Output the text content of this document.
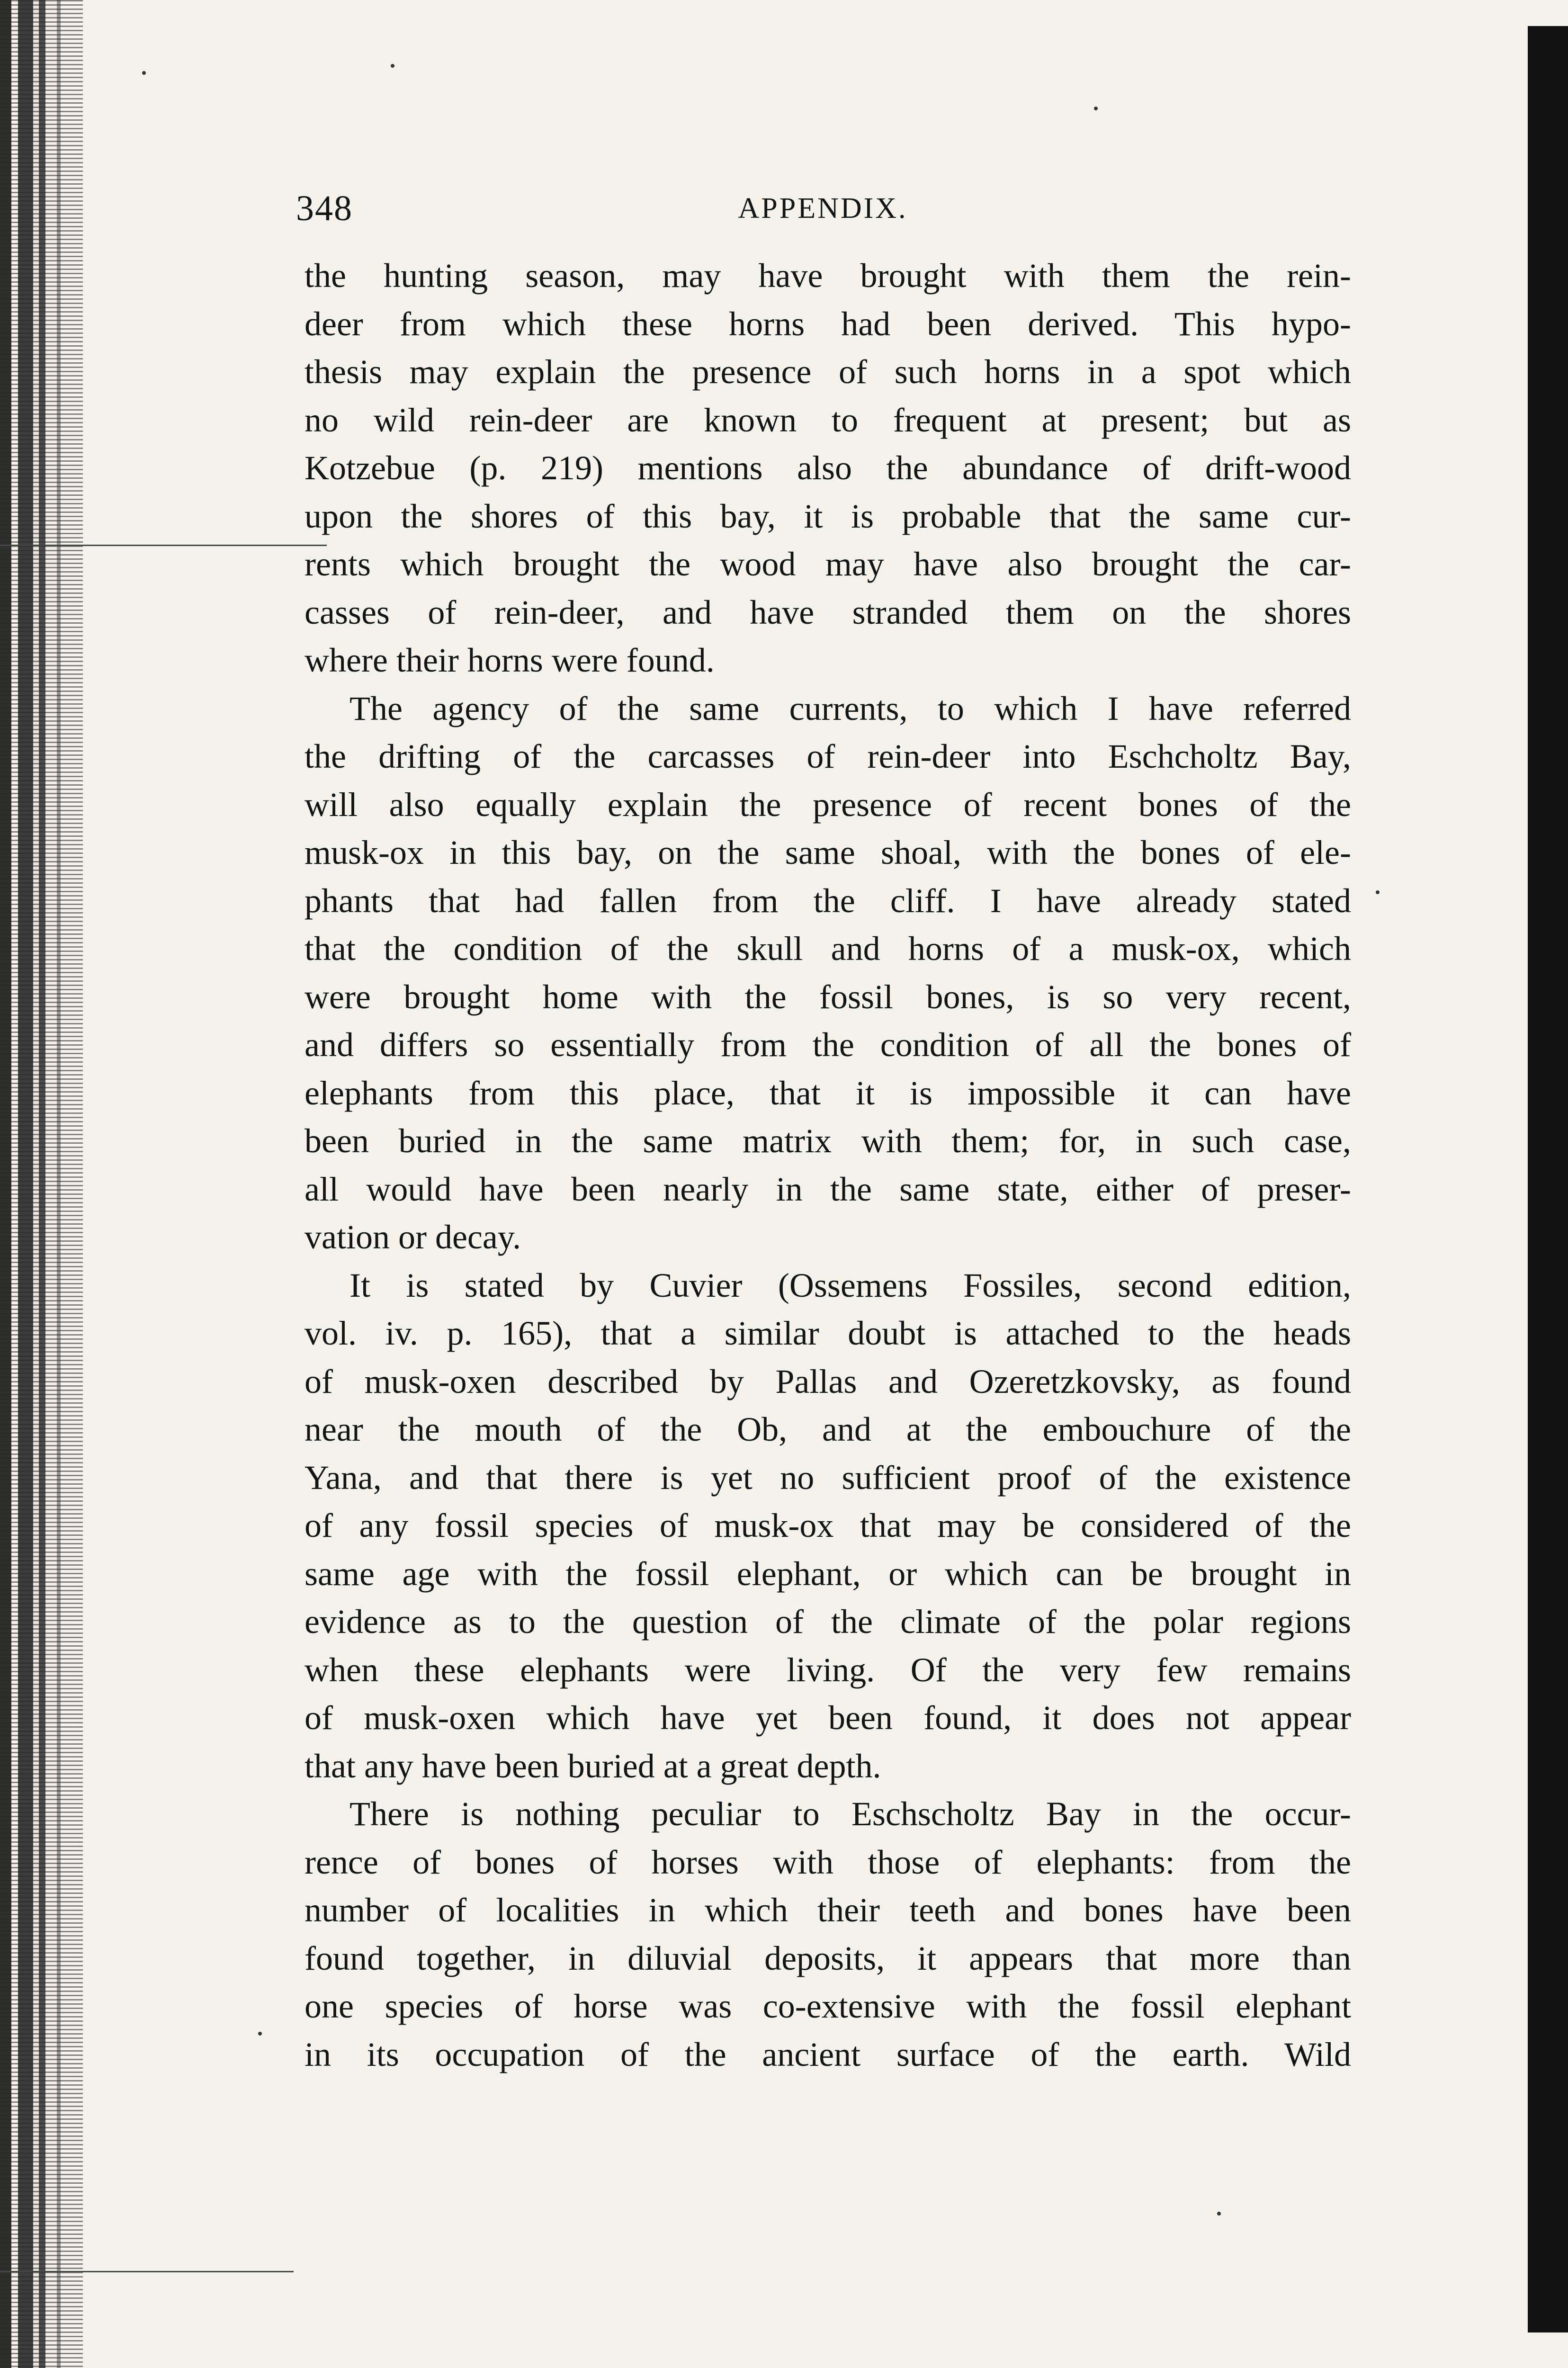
348	APPENDIX.
the hunting season, may have brought with them the rein-
deer from which these horns had been derived. This hypo-
thesis may explain the presence of such horns in a spot which
no wild rein-deer are known to frequent at present; but as
Kotzebue (p. 219) mentions also the abundance of drift-wood
upon the shores of this bay, it is probable that the same cur-
rents which brought the wood may have also brought the car-
casses of rein-deer, and have stranded them on the shores
where their horns were found.
The agency of the same currents, to which I have referred
the drifting of the carcasses of rein-deer into Eschcholtz Bay,
will also equally explain the presence of recent bones of the
musk-ox in this bay, on the same shoal, with the bones of ele-
phants that had fallen from the cliff. I have already stated
that the condition of the skull and horns of a musk-ox, which
were brought home with the fossil bones, is so very recent,
and differs so essentially from the condition of all the bones of
elephants from this place, that it is impossible it can have
been buried in the same matrix with them; for, in such case,
all would have been nearly in the same state, either of preser-
vation or decay.
It is stated by Cuvier (Ossemens Fossiles, second edition,
vol. iv. p. 165), that a similar doubt is attached to the heads
of musk-oxen described by Pallas and Ozeretzkovsky, as found
near the mouth of the Ob, and at the embouchure of the
Yana, and that there is yet no sufficient proof of the existence
of any fossil species of musk-ox that may be considered of the
same age with the fossil elephant, or which can be brought in
evidence as to the question of the climate of the polar regions
when these elephants were living. Of the very few remains
of musk-oxen which have yet been found, it does not appear
that any have been buried at a great depth.
There is nothing peculiar to Eschscholtz Bay in the occur-
rence of bones of horses with those of elephants: from the
number of localities in which their teeth and bones have been
found together, in diluvial deposits, it appears that more than
one species of horse was co-extensive with the fossil elephant
in its occupation of the ancient surface of the earth. Wild
